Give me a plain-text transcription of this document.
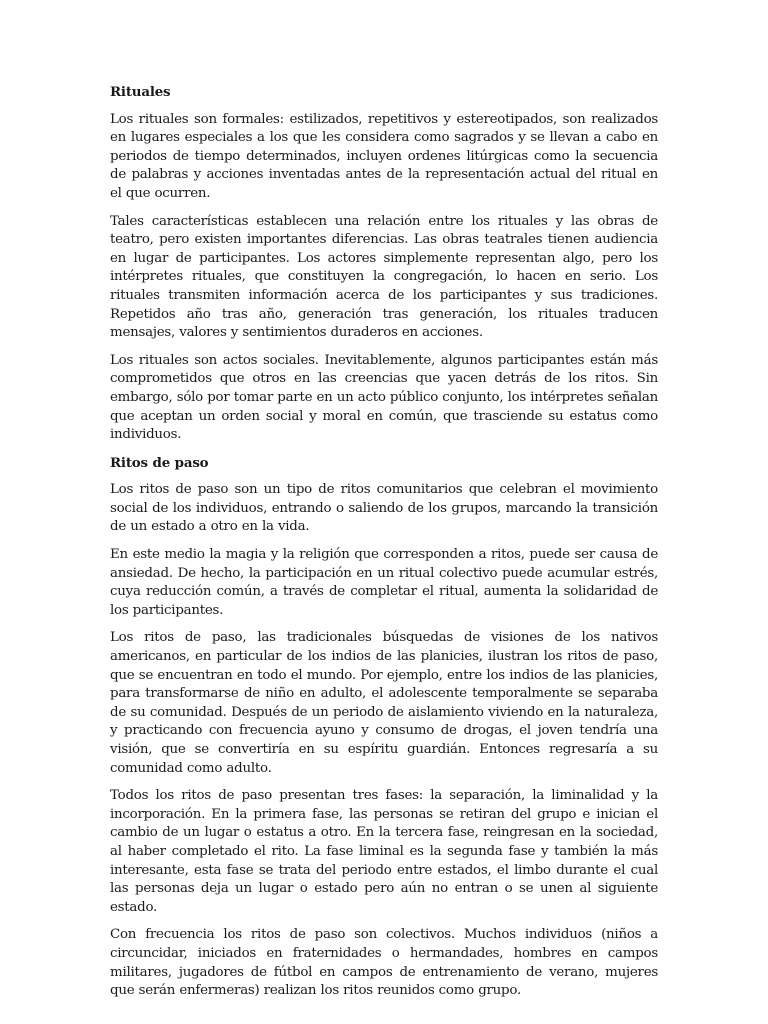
Rituales

Los rituales son formales: estilizados, repetitivos y estereotipados, son realizados en lugares especiales a los que les considera como sagrados y se llevan a cabo en periodos de tiempo determinados, incluyen ordenes litúrgicas como la secuencia de palabras y acciones inventadas antes de la representación actual del ritual en el que ocurren.

Tales características establecen una relación entre los rituales y las obras de teatro, pero existen importantes diferencias. Las obras teatrales tienen audiencia en lugar de participantes. Los actores simplemente representan algo, pero los intérpretes rituales, que constituyen la congregación, lo hacen en serio. Los rituales transmiten información acerca de los participantes y sus tradiciones. Repetidos año tras año, generación tras generación, los rituales traducen mensajes, valores y sentimientos duraderos en acciones.

Los rituales son actos sociales. Inevitablemente, algunos participantes están más comprometidos que otros en las creencias que yacen detrás de los ritos. Sin embargo, sólo por tomar parte en un acto público conjunto, los intérpretes señalan que aceptan un orden social y moral en común, que trasciende su estatus como individuos.

Ritos de paso

Los ritos de paso son un tipo de ritos comunitarios que celebran el movimiento social de los individuos, entrando o saliendo de los grupos, marcando la transición de un estado a otro en la vida.

En este medio la magia y la religión que corresponden a ritos, puede ser causa de ansiedad. De hecho, la participación en un ritual colectivo puede acumular estrés, cuya reducción común, a través de completar el ritual, aumenta la solidaridad de los participantes.

Los ritos de paso, las tradicionales búsquedas de visiones de los nativos americanos, en particular de los indios de las planicies, ilustran los ritos de paso, que se encuentran en todo el mundo. Por ejemplo, entre los indios de las planicies, para transformarse de niño en adulto, el adolescente temporalmente se separaba de su comunidad. Después de un periodo de aislamiento viviendo en la naturaleza, y practicando con frecuencia ayuno y consumo de drogas, el joven tendría una visión, que se convertiría en su espíritu guardián. Entonces regresaría a su comunidad como adulto.

Todos los ritos de paso presentan tres fases: la separación, la liminalidad y la incorporación. En la primera fase, las personas se retiran del grupo e inician el cambio de un lugar o estatus a otro. En la tercera fase, reingresan en la sociedad, al haber completado el rito. La fase liminal es la segunda fase y también la más interesante, esta fase se trata del periodo entre estados, el limbo durante el cual las personas deja un lugar o estado pero aún no entran o se unen al siguiente estado.

Con frecuencia los ritos de paso son colectivos. Muchos individuos (niños a circuncidar, iniciados en fraternidades o hermandades, hombres en campos militares, jugadores de fútbol en campos de entrenamiento de verano, mujeres que serán enfermeras) realizan los ritos reunidos como grupo.
